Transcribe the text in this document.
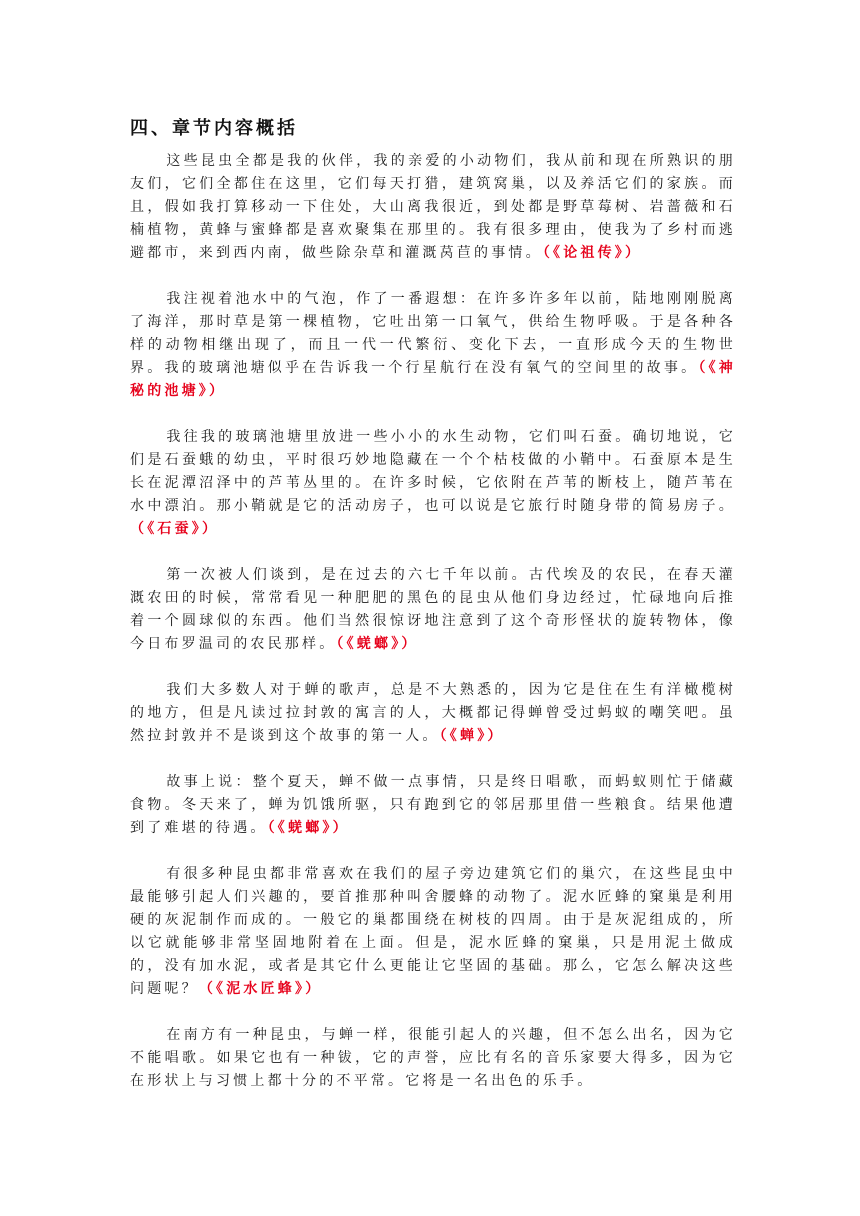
四、章节内容概括

这些昆虫全都是我的伙伴，我的亲爱的小动物们，我从前和现在所熟识的朋友们，它们全都住在这里，它们每天打猎，建筑窝巢，以及养活它们的家族。而且，假如我打算移动一下住处，大山离我很近，到处都是野草莓树、岩蔷薇和石楠植物，黄蜂与蜜蜂都是喜欢聚集在那里的。我有很多理由，使我为了乡村而逃避都市，来到西内南，做些除杂草和灌溉莴苣的事情。（《论祖传》）

我注视着池水中的气泡，作了一番遐想：在许多许多年以前，陆地刚刚脱离了海洋，那时草是第一棵植物，它吐出第一口氧气，供给生物呼吸。于是各种各样的动物相继出现了，而且一代一代繁衍、变化下去，一直形成今天的生物世界。我的玻璃池塘似乎在告诉我一个行星航行在没有氧气的空间里的故事。（《神秘的池塘》）

我往我的玻璃池塘里放进一些小小的水生动物，它们叫石蚕。确切地说，它们是石蚕蛾的幼虫，平时很巧妙地隐藏在一个个枯枝做的小鞘中。石蚕原本是生长在泥潭沼泽中的芦苇丛里的。在许多时候，它依附在芦苇的断枝上，随芦苇在水中漂泊。那小鞘就是它的活动房子，也可以说是它旅行时随身带的简易房子。（《石蚕》）

第一次被人们谈到，是在过去的六七千年以前。古代埃及的农民，在春天灌溉农田的时候，常常看见一种肥肥的黑色的昆虫从他们身边经过，忙碌地向后推着一个圆球似的东西。他们当然很惊讶地注意到了这个奇形怪状的旋转物体，像今日布罗温司的农民那样。（《蜣螂》）

我们大多数人对于蝉的歌声，总是不大熟悉的，因为它是住在生有洋橄榄树的地方，但是凡读过拉封敦的寓言的人，大概都记得蝉曾受过蚂蚁的嘲笑吧。虽然拉封敦并不是谈到这个故事的第一人。（《蝉》）

故事上说：整个夏天，蝉不做一点事情，只是终日唱歌，而蚂蚁则忙于储藏食物。冬天来了，蝉为饥饿所驱，只有跑到它的邻居那里借一些粮食。结果他遭到了难堪的待遇。（《蜣螂》）

有很多种昆虫都非常喜欢在我们的屋子旁边建筑它们的巢穴，在这些昆虫中最能够引起人们兴趣的，要首推那种叫舍腰蜂的动物了。泥水匠蜂的窠巢是利用硬的灰泥制作而成的。一般它的巢都围绕在树枝的四周。由于是灰泥组成的，所以它就能够非常坚固地附着在上面。但是，泥水匠蜂的窠巢，只是用泥土做成的，没有加水泥，或者是其它什么更能让它坚固的基础。那么，它怎么解决这些问题呢？（《泥水匠蜂》）

在南方有一种昆虫，与蝉一样，很能引起人的兴趣，但不怎么出名，因为它不能唱歌。如果它也有一种钹，它的声誉，应比有名的音乐家要大得多，因为它在形状上与习惯上都十分的不平常。它将是一名出色的乐手。
